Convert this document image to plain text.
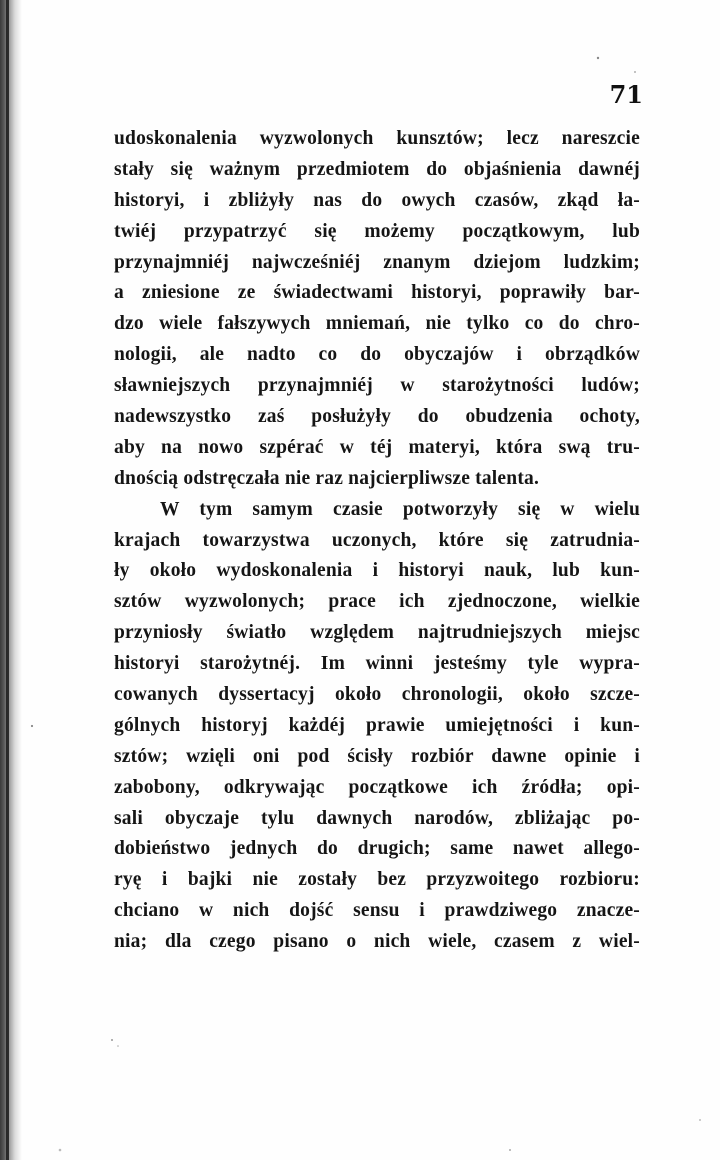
71

udoskonalenia wyzwolonych kunsztów; lecz nareszcie
stały się ważnym przedmiotem do objaśnienia dawnéj
historyi, i zbliżyły nas do owych czasów, zkąd ła-
twiéj przypatrzyć się możemy początkowym, lub
przynajmniéj najwcześniéj znanym dziejom ludzkim;
a zniesione ze świadectwami historyi, poprawiły bar-
dzo wiele fałszywych mniemań, nie tylko co do chro-
nologii, ale nadto co do obyczajów i obrządków
sławniejszych przynajmniéj w starożytności ludów;
nadewszystko zaś posłużyły do obudzenia ochoty,
aby na nowo szpérać w téj materyi, która swą tru-
dnością odstręczała nie raz najcierpliwsze talenta.
W tym samym czasie potworzyły się w wielu
krajach towarzystwa uczonych, które się zatrudnia-
ły około wydoskonalenia i historyi nauk, lub kun-
sztów wyzwolonych; prace ich zjednoczone, wielkie
przyniosły światło względem najtrudniejszych miejsc
historyi starożytnéj. Im winni jesteśmy tyle wypra-
cowanych dyssertacyj około chronologii, około szcze-
gólnych historyj każdéj prawie umiejętności i kun-
sztów; wzięli oni pod ścisły rozbiór dawne opinie i
zabobony, odkrywając początkowe ich źródła; opi-
sali obyczaje tylu dawnych narodów, zbliżając po-
dobieństwo jednych do drugich; same nawet allego-
ryę i bajki nie zostały bez przyzwoitego rozbioru:
chciano w nich dojść sensu i prawdziwego znacze-
nia; dla czego pisano o nich wiele, czasem z wiel-
